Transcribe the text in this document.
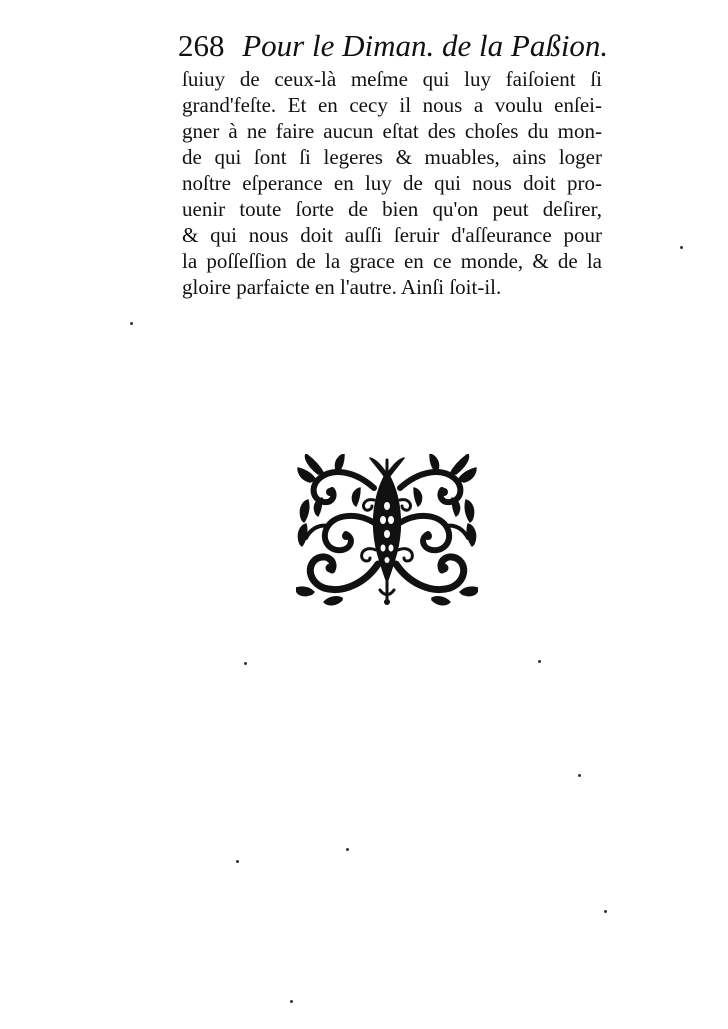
268 Pour le Diman. de la Paßion.
ſuiuy de ceux-là meſme qui luy faiſoient ſi
grand'feſte. Et en cecy il nous a voulu enſei-
gner à ne faire aucun eſtat des choſes du mon-
de qui ſont ſi legeres & muables, ains loger
noſtre eſperance en luy de qui nous doit pro-
uenir toute ſorte de bien qu'on peut deſirer,
& qui nous doit auſſi ſeruir d'aſſeurance pour
la poſſeſſion de la grace en ce monde, & de la
gloire parfaicte en l'autre. Ainſi ſoit-il.
